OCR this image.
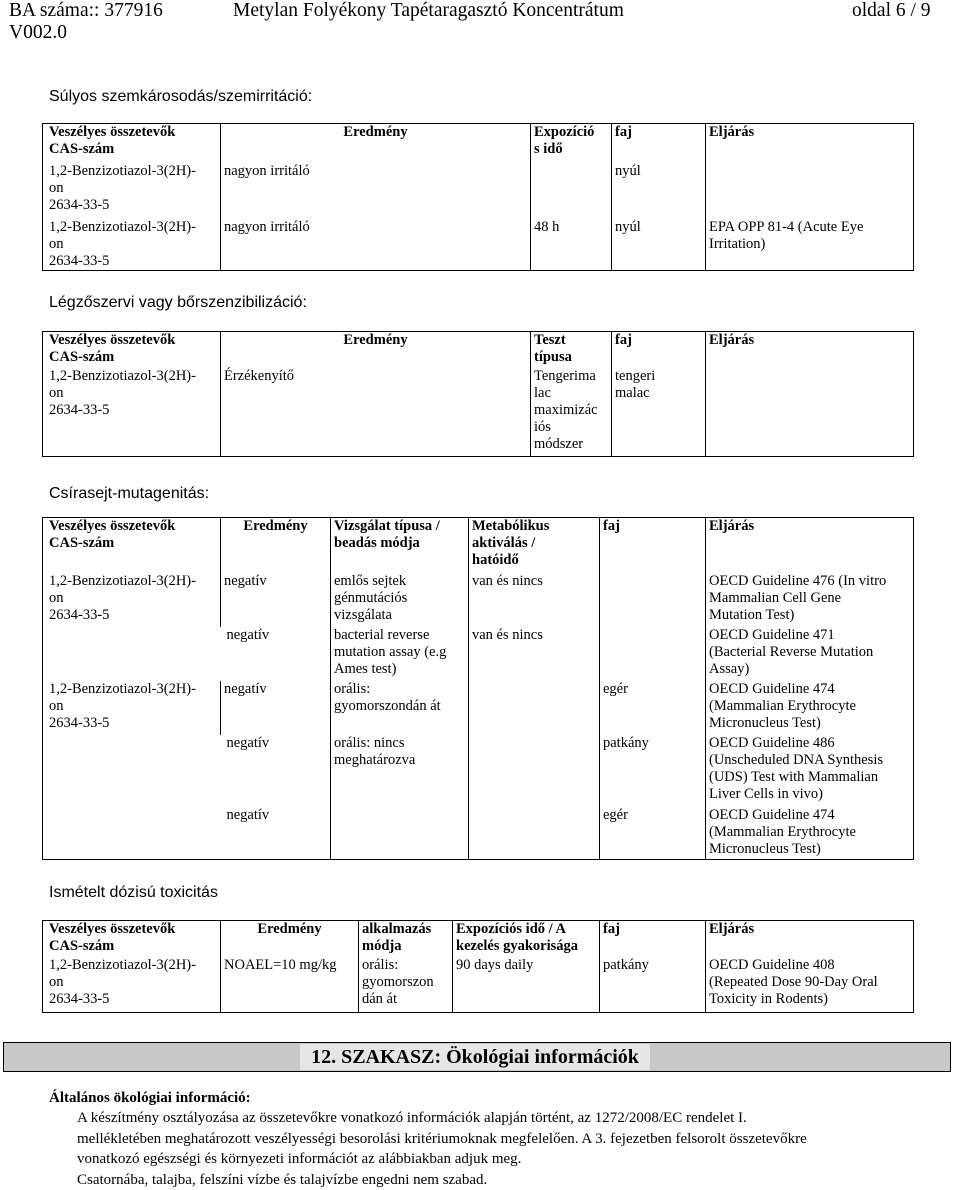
BA száma:: 377916
V002.0
Metylan Folyékony Tapétaragasztó Koncentrátum	oldal 6 / 9
Súlyos szemkárosodás/szemirritáció:
Veszélyes összetevők
CAS-szám	Eredmény	Expozíció
s idő	faj	Eljárás

1,2-Benzizotiazol-3(2H)-
on
2634-33-5	nagyon irritáló		nyúl	

1,2-Benzizotiazol-3(2H)-
on
2634-33-5	nagyon irritáló	48 h	nyúl	EPA OPP 81-4 (Acute Eye
Irritation)
Légzőszervi vagy bőrszenzibilizáció:
Veszélyes összetevők
CAS-szám	Eredmény	Teszt
típusa	faj	Eljárás

1,2-Benzizotiazol-3(2H)-
on
2634-33-5	Érzékenyítő	Tengerima
lac
maximizác
iós
módszer	tengeri
malac	

Csírasejt-mutagenitás:
Veszélyes összetevők
CAS-szám	Eredmény	Vizsgálat típusa /
beadás módja	Metabólikus
aktiválás /
hatóidő	faj	Eljárás

1,2-Benzizotiazol-3(2H)-
on
2634-33-5	negatív	emlős sejtek
génmutációs
vizsgálata	van és nincs		OECD Guideline 476 (In vitro
Mammalian Cell Gene
Mutation Test)

	negatív	bacterial reverse
mutation assay (e.g
Ames test)	van és nincs		OECD Guideline 471
(Bacterial Reverse Mutation
Assay)

1,2-Benzizotiazol-3(2H)-
on
2634-33-5	negatív	orális:
gyomorszondán át		egér	OECD Guideline 474
(Mammalian Erythrocyte
Micronucleus Test)

	negatív	orális: nincs
meghatározva		patkány	OECD Guideline 486
(Unscheduled DNA Synthesis
(UDS) Test with Mammalian
Liver Cells in vivo)

	negatív			egér	OECD Guideline 474
(Mammalian Erythrocyte
Micronucleus Test)
Ismételt dózisú toxicitás
Veszélyes összetevők
CAS-szám	Eredmény	alkalmazás
módja	Expozíciós idő / A
kezelés gyakorisága	faj	Eljárás

1,2-Benzizotiazol-3(2H)-
on
2634-33-5	NOAEL=10 mg/kg	orális:
gyomorszon
dán át	90 days daily	patkány	OECD Guideline 408
(Repeated Dose 90-Day Oral
Toxicity in Rodents)
12. SZAKASZ: Ökológiai információk
Általános ökológiai információ:
A készítmény osztályozása az összetevőkre vonatkozó információk alapján történt, az 1272/2008/EC rendelet I.
mellékletében meghatározott veszélyességi besorolási kritériumoknak megfelelően. A 3. fejezetben felsorolt összetevőkre
vonatkozó egészségi és környezeti információt az alábbiakban adjuk meg.
Csatornába, talajba, felszíni vízbe és talajvízbe engedni nem szabad.
